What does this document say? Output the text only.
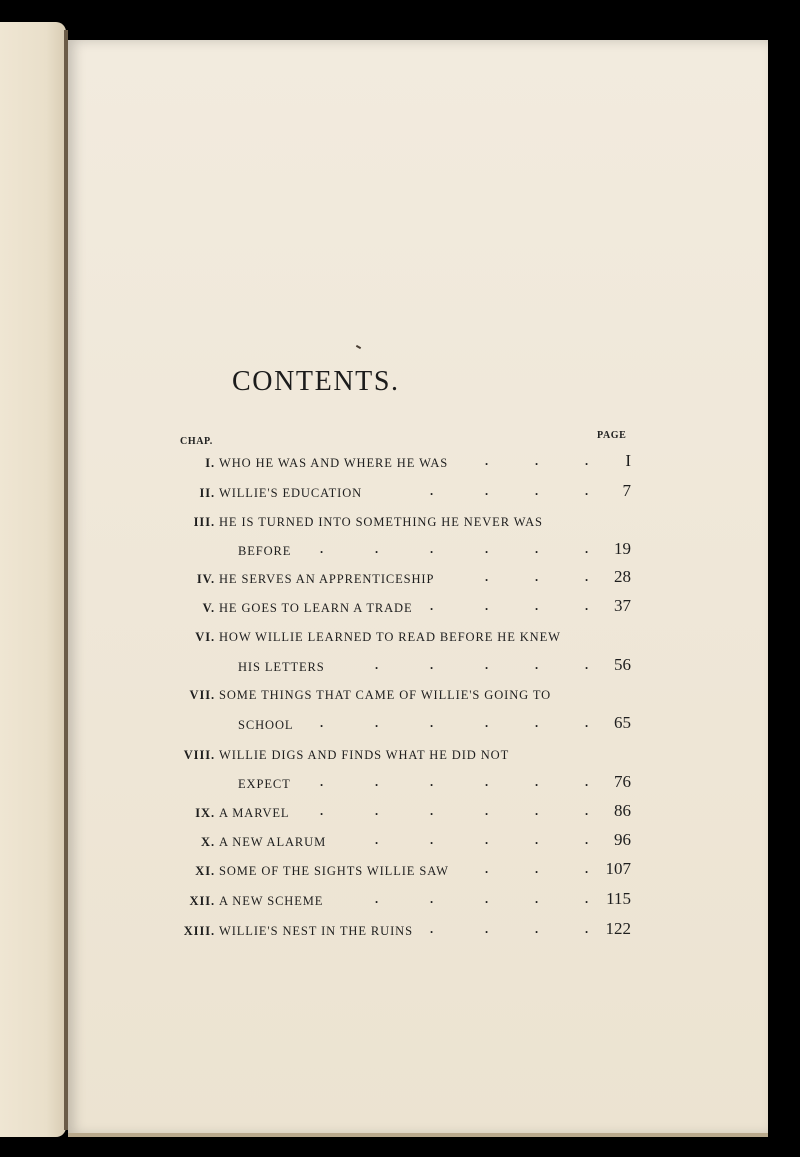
CONTENTS.
CHAP.
PAGE
I. WHO HE WAS AND WHERE HE WAS	I
.	.	.
II. WILLIE'S EDUCATION	7
.	.	.	.
III. HE IS TURNED INTO SOMETHING HE NEVER WAS
BEFORE	19
.	.	.	.	.	.
IV. HE SERVES AN APPRENTICESHIP	28
.	.	.
V. HE GOES TO LEARN A TRADE	37
.	.	.	.
VI. HOW WILLIE LEARNED TO READ BEFORE HE KNEW
HIS LETTERS	56
.	.	.	.	.
VII. SOME THINGS THAT CAME OF WILLIE'S GOING TO
SCHOOL	65
.	.	.	.	.	.
VIII. WILLIE DIGS AND FINDS WHAT HE DID NOT
EXPECT	76
.	.	.	.	.	.
IX. A MARVEL	86
.	.	.	.	.	.
X. A NEW ALARUM	96
.	.	.	.	.
XI. SOME OF THE SIGHTS WILLIE SAW	107
.	.	.
XII. A NEW SCHEME	115
.	.	.	.	.
XIII. WILLIE'S NEST IN THE RUINS	122
.	.	.	.
